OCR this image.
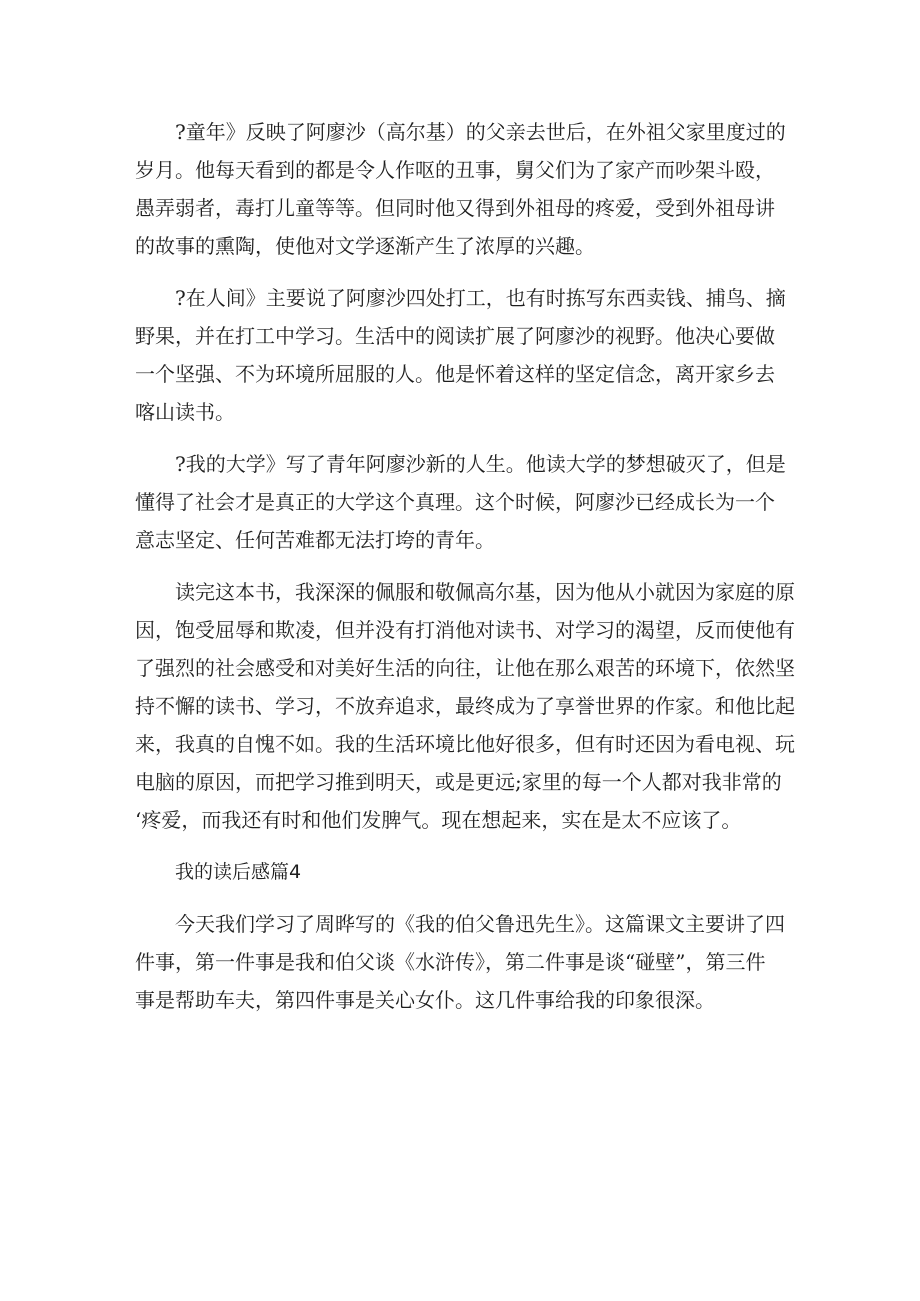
?童年》反映了阿廖沙（高尔基）的父亲去世后，在外祖父家里度过的
岁月。他每天看到的都是令人作呕的丑事，舅父们为了家产而吵架斗殴，
愚弄弱者，毒打儿童等等。但同时他又得到外祖母的疼爱，受到外祖母讲
的故事的熏陶，使他对文学逐渐产生了浓厚的兴趣。
?在人间》主要说了阿廖沙四处打工，也有时拣写东西卖钱、捕鸟、摘
野果，并在打工中学习。生活中的阅读扩展了阿廖沙的视野。他决心要做
一个坚强、不为环境所屈服的人。他是怀着这样的坚定信念，离开家乡去
喀山读书。
?我的大学》写了青年阿廖沙新的人生。他读大学的梦想破灭了，但是
懂得了社会才是真正的大学这个真理。这个时候，阿廖沙已经成长为一个
意志坚定、任何苦难都无法打垮的青年。
读完这本书，我深深的佩服和敬佩高尔基，因为他从小就因为家庭的原
因，饱受屈辱和欺凌，但并没有打消他对读书、对学习的渴望，反而使他有
了强烈的社会感受和对美好生活的向往，让他在那么艰苦的环境下，依然坚
持不懈的读书、学习，不放弃追求，最终成为了享誉世界的作家。和他比起
来，我真的自愧不如。我的生活环境比他好很多，但有时还因为看电视、玩
电脑的原因，而把学习推到明天，或是更远;家里的每一个人都对我非常的
‘疼爱，而我还有时和他们发脾气。现在想起来，实在是太不应该了。
我的读后感篇4
今天我们学习了周晔写的《我的伯父鲁迅先生》。这篇课文主要讲了四
件事，第一件事是我和伯父谈《水浒传》，第二件事是谈“碰壁”，第三件
事是帮助车夫，第四件事是关心女仆。这几件事给我的印象很深。
